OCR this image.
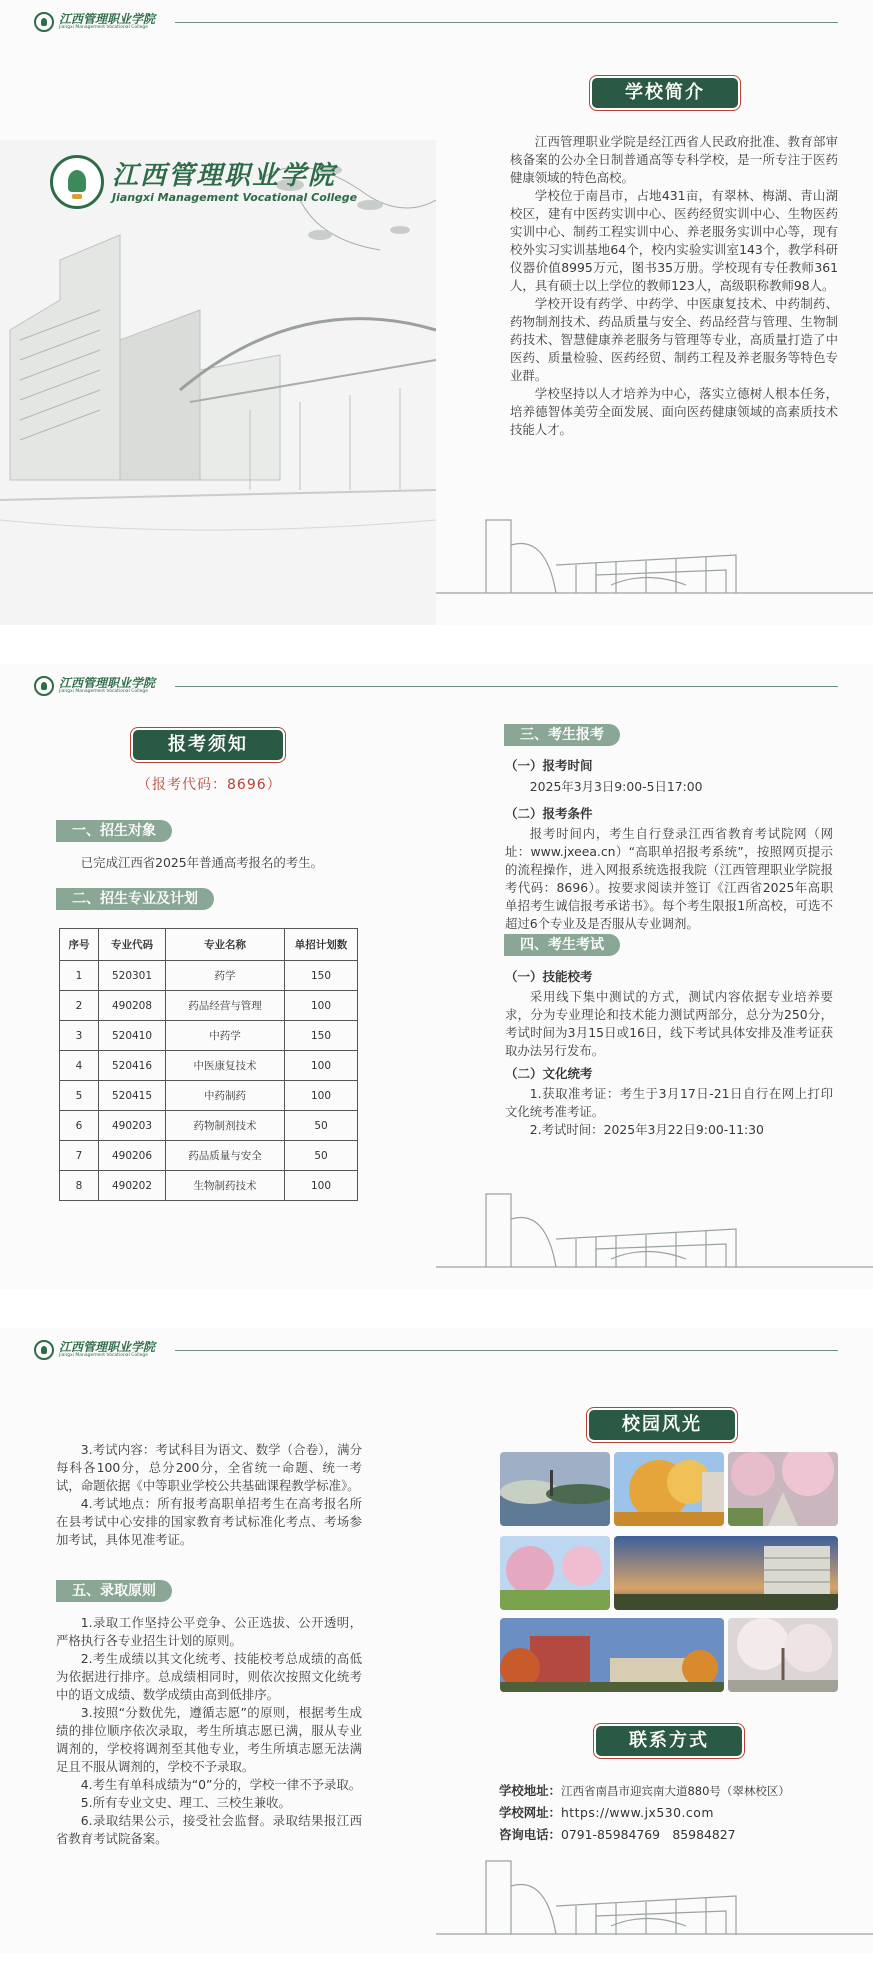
江西管理职业学院
Jiangxi Management Vocational College
江西管理职业学院
Jiangxi Management Vocational College
学校简介

江西管理职业学院是经江西省人民政府批准、教育部审核备案的公办全日制普通高等专科学校，是一所专注于医药健康领域的特色高校。

学校位于南昌市，占地431亩，有翠林、梅湖、青山湖校区，建有中医药实训中心、医药经贸实训中心、生物医药实训中心、制药工程实训中心、养老服务实训中心等，现有校外实习实训基地64个，校内实验实训室143个，教学科研仪器价值8995万元，图书35万册。学校现有专任教师361人，具有硕士以上学位的教师123人，高级职称教师98人。

学校开设有药学、中药学、中医康复技术、中药制药、药物制剂技术、药品质量与安全、药品经营与管理、生物制药技术、智慧健康养老服务与管理等专业，高质量打造了中医药、质量检验、医药经贸、制药工程及养老服务等特色专业群。

学校坚持以人才培养为中心，落实立德树人根本任务，培养德智体美劳全面发展、面向医药健康领域的高素质技术技能人才。

江西管理职业学院
Jiangxi Management Vocational College
报考须知
（报考代码：8696）
一、招生对象

已完成江西省2025年普通高考报名的考生。

二、招生专业及计划
序号	专业代码	专业名称	单招计划数
1	520301	药学	150
2	490208	药品经营与管理	100
3	520410	中药学	150
4	520416	中医康复技术	100
5	520415	中药制药	100
6	490203	药物制剂技术	50
7	490206	药品质量与安全	50
8	490202	生物制药技术	100
三、考生报考
（一）报考时间

2025年3月3日9:00-5日17:00

（二）报考条件

报考时间内，考生自行登录江西省教育考试院网（网址：www.jxeea.cn）“高职单招报考系统”，按照网页提示的流程操作，进入网报系统选报我院（江西管理职业学院报考代码：8696）。按要求阅读并签订《江西省2025年高职单招考生诚信报考承诺书》。每个考生限报1所高校，可选不超过6个专业及是否服从专业调剂。

四、考生考试
（一）技能校考

采用线下集中测试的方式，测试内容依据专业培养要求，分为专业理论和技术能力测试两部分，总分为250分，考试时间为3月15日或16日，线下考试具体安排及准考证获取办法另行发布。

（二）文化统考

1.获取准考证：考生于3月17日-21日自行在网上打印文化统考准考证。

2.考试时间：2025年3月22日9:00-11:30

江西管理职业学院
Jiangxi Management Vocational College

3.考试内容：考试科目为语文、数学（合卷），满分每科各100分，总分200分，全省统一命题、统一考试，命题依据《中等职业学校公共基础课程教学标准》。

4.考试地点：所有报考高职单招考生在高考报名所在县考试中心安排的国家教育考试标准化考点、考场参加考试，具体见准考证。

五、录取原则

1.录取工作坚持公平竞争、公正选拔、公开透明，严格执行各专业招生计划的原则。

2.考生成绩以其文化统考、技能校考总成绩的高低为依据进行排序。总成绩相同时，则依次按照文化统考中的语文成绩、数学成绩由高到低排序。

3.按照“分数优先，遵循志愿”的原则，根据考生成绩的排位顺序依次录取，考生所填志愿已满，服从专业调剂的，学校将调剂至其他专业，考生所填志愿无法满足且不服从调剂的，学校不予录取。

4.考生有单科成绩为“0”分的，学校一律不予录取。

5.所有专业文史、理工、三校生兼收。

6.录取结果公示，接受社会监督。录取结果报江西省教育考试院备案。

校园风光
联系方式
学校地址：江西省南昌市迎宾南大道880号（翠林校区）
学校网址：https://www.jx530.com
咨询电话：0791-85984769　85984827
